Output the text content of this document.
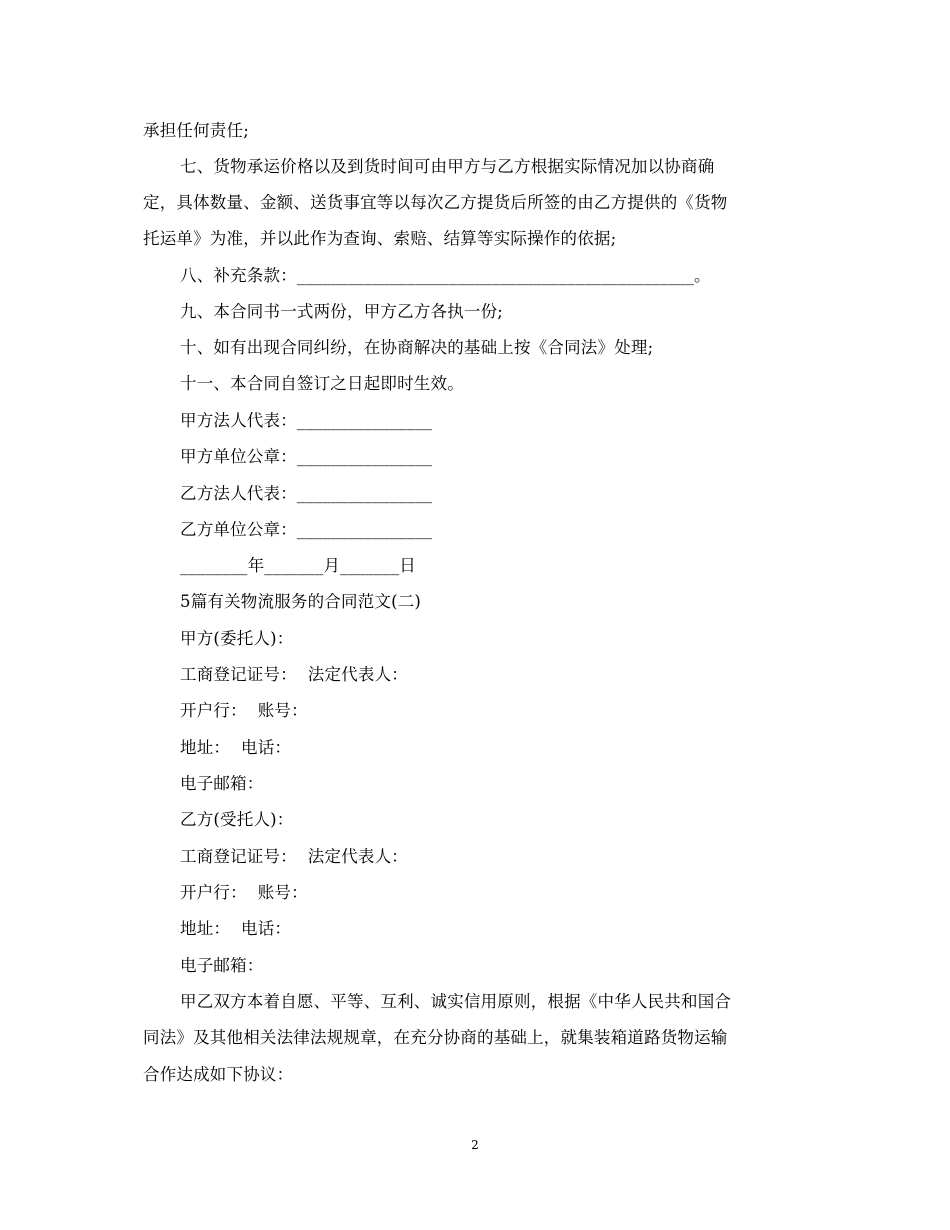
承担任何责任;
七、货物承运价格以及到货时间可由甲方与乙方根据实际情况加以协商确
定，具体数量、金额、送货事宜等以每次乙方提货后所签的由乙方提供的《货物
托运单》为准，并以此作为查询、索赔、结算等实际操作的依据;
八、补充条款：_______________________________________________。
九、本合同书一式两份，甲方乙方各执一份;
十、如有出现合同纠纷，在协商解决的基础上按《合同法》处理;
十一、本合同自签订之日起即时生效。
甲方法人代表：________________
甲方单位公章：________________
乙方法人代表：________________
乙方单位公章：________________
________年_______月_______日
5篇有关物流服务的合同范文(二)
甲方(委托人)：
工商登记证号：  法定代表人：
开户行：  账号：
地址：  电话：
电子邮箱：
乙方(受托人)：
工商登记证号：  法定代表人：
开户行：  账号：
地址：  电话：
电子邮箱：
甲乙双方本着自愿、平等、互利、诚实信用原则，根据《中华人民共和国合
同法》及其他相关法律法规规章，在充分协商的基础上，就集装箱道路货物运输
合作达成如下协议：
2
